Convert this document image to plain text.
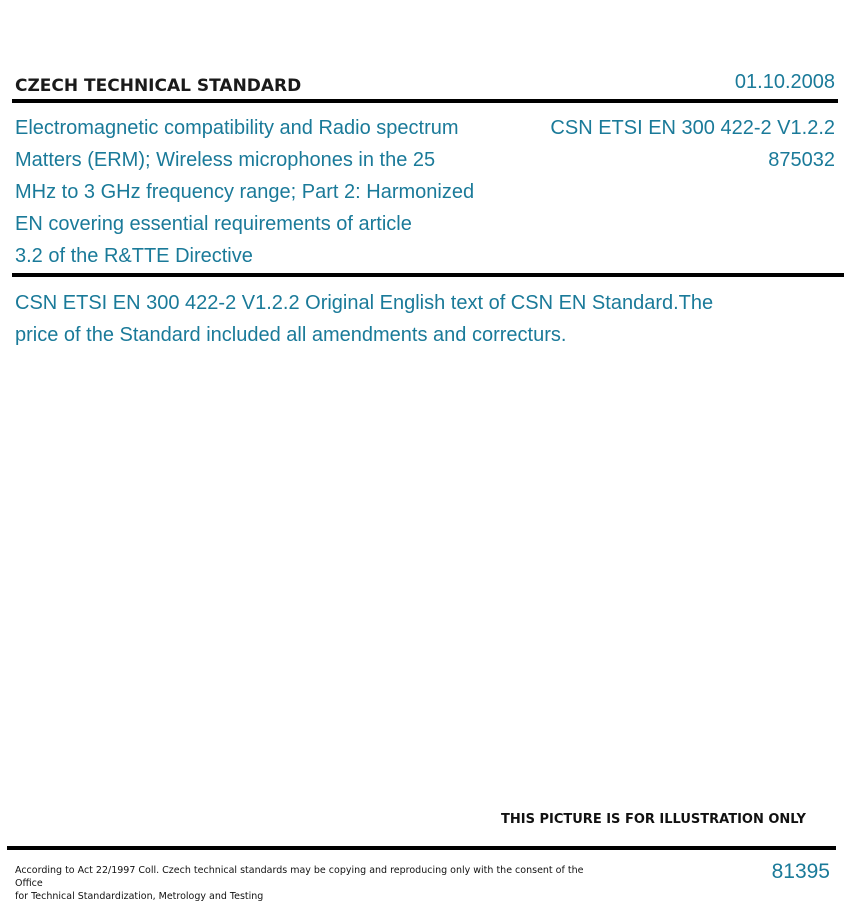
CZECH TECHNICAL STANDARD	01.10.2008
Electromagnetic compatibility and Radio spectrum
Matters (ERM); Wireless microphones in the 25
MHz to 3 GHz frequency range; Part 2: Harmonized
EN covering essential requirements of article
3.2 of the R&TTE Directive
CSN ETSI EN 300 422-2 V1.2.2
875032
CSN ETSI EN 300 422-2 V1.2.2 Original English text of CSN EN Standard.The
price of the Standard included all amendments and correcturs.
THIS PICTURE IS FOR ILLUSTRATION ONLY
According to Act 22/1997 Coll. Czech technical standards may be copying and reproducing only with the consent of the Office
for Technical Standardization, Metrology and Testing
81395
